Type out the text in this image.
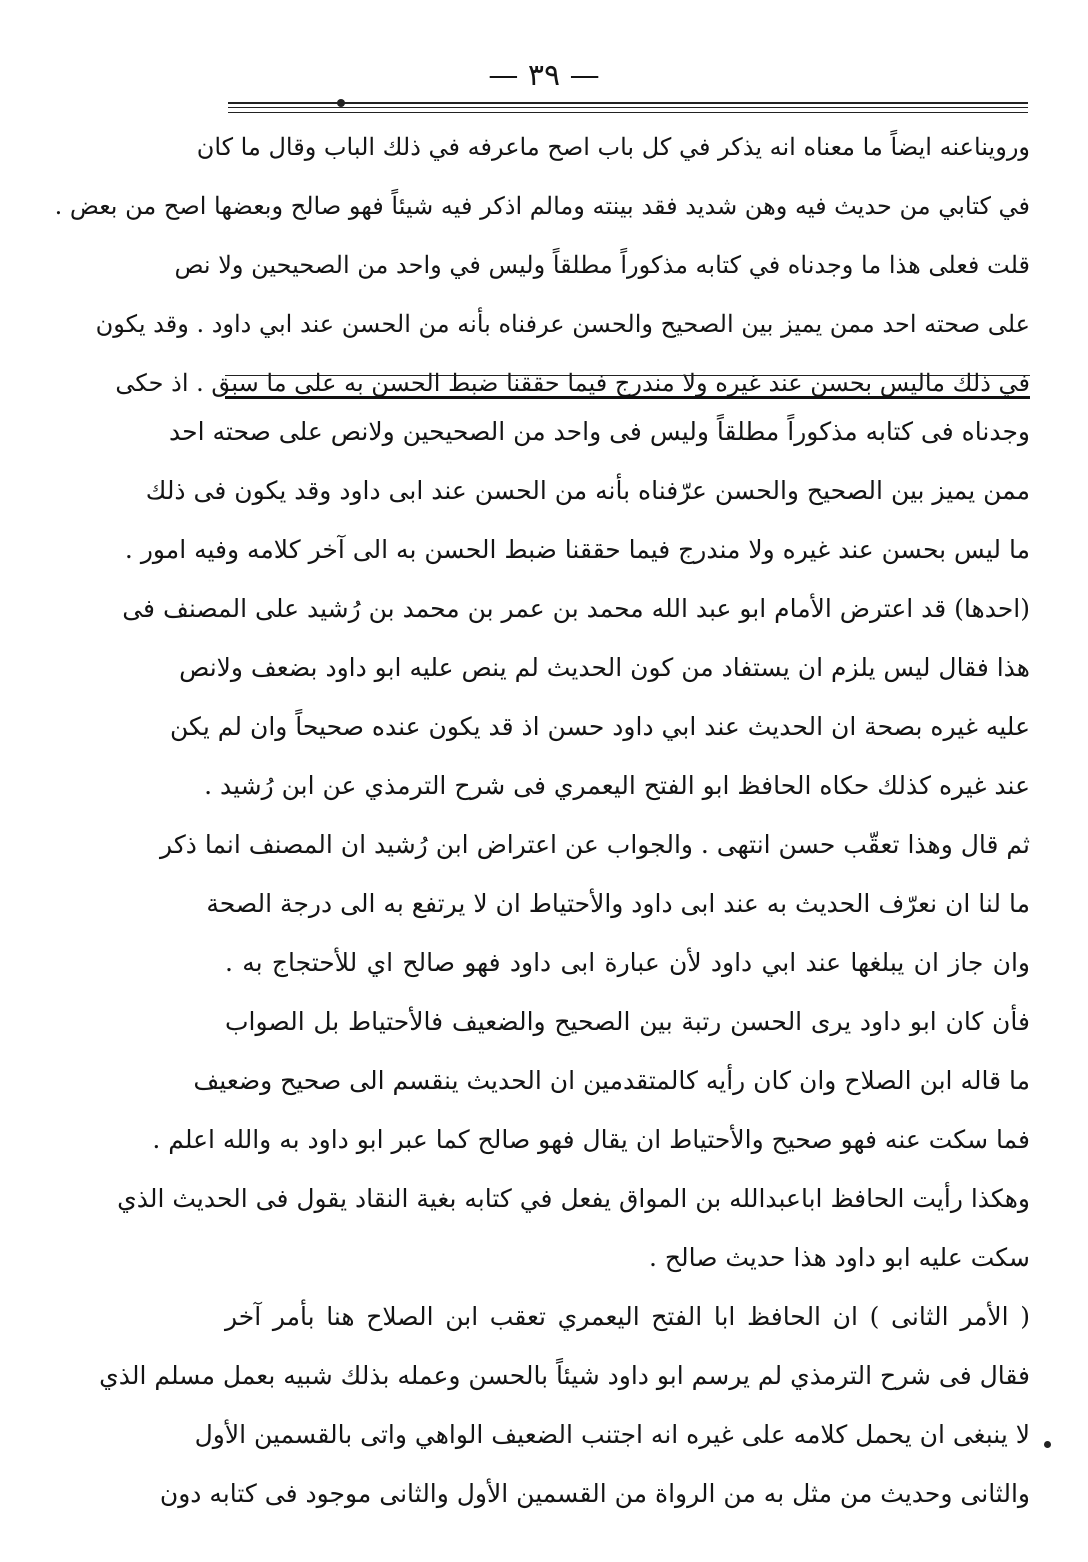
— ٣٩ —
ورويناعنه ايضاً ما معناه انه يذكر في كل باب اصح ماعرفه في ذلك الباب وقال ما كان
في كتابي من حديث فيه وهن شديد فقد بينته ومالم اذكر فيه شيئاً فهو صالح وبعضها اصح من بعض .
قلت فعلى هذا ما وجدناه في كتابه مذكوراً مطلقاً وليس في واحد من الصحيحين ولا نص
على صحته احد ممن يميز بين الصحيح والحسن عرفناه بأنه من الحسن عند ابي داود . وقد يكون
في ذلك ماليس بحسن عند غيره ولا مندرج فيما حققنا ضبط الحسن به على ما سبق . اذ حكى
وجدناه فى كتابه مذكوراً مطلقاً وليس فى واحد من الصحيحين ولانص على صحته احد
ممن يميز بين الصحيح والحسن عرّفناه بأنه من الحسن عند ابى داود وقد يكون فى ذلك
ما ليس بحسن عند غيره ولا مندرج فيما حققنا ضبط الحسن به الى آخر كلامه وفيه امور .
(احدها) قد اعترض الأمام ابو عبد الله محمد بن عمر بن محمد بن رُشيد على المصنف فى
هذا فقال ليس يلزم ان يستفاد من كون الحديث لم ينص عليه ابو داود بضعف ولانص
عليه غيره بصحة ان الحديث عند ابي داود حسن اذ قد يكون عنده صحيحاً وان لم يكن
عند غيره كذلك حكاه الحافظ ابو الفتح اليعمري فى شرح الترمذي عن ابن رُشيد .
ثم قال وهذا تعقّب حسن انتهى . والجواب عن اعتراض ابن رُشيد ان المصنف انما ذكر
ما لنا ان نعرّف الحديث به عند ابى داود والأحتياط ان لا يرتفع به الى درجة الصحة
وان جاز ان يبلغها عند ابي داود لأن عبارة ابى داود فهو صالح اي للأحتجاج به .
فأن كان ابو داود يرى الحسن رتبة بين الصحيح والضعيف فالأحتياط بل الصواب
ما قاله ابن الصلاح وان كان رأيه كالمتقدمين ان الحديث ينقسم الى صحيح وضعيف
فما سكت عنه فهو صحيح والأحتياط ان يقال فهو صالح كما عبر ابو داود به والله اعلم .
وهكذا رأيت الحافظ اباعبدالله بن المواق يفعل في كتابه بغية النقاد يقول فى الحديث الذي
سكت عليه ابو داود هذا حديث صالح .
( الأمر الثانى ) ان الحافظ ابا الفتح اليعمري تعقب ابن الصلاح هنا بأمر آخر
فقال فى شرح الترمذي لم يرسم ابو داود شيئاً بالحسن وعمله بذلك شبيه بعمل مسلم الذي
لا ينبغى ان يحمل كلامه على غيره انه اجتنب الضعيف الواهي واتى بالقسمين الأول
والثانى وحديث من مثل به من الرواة من القسمين الأول والثانى موجود فى كتابه دون
